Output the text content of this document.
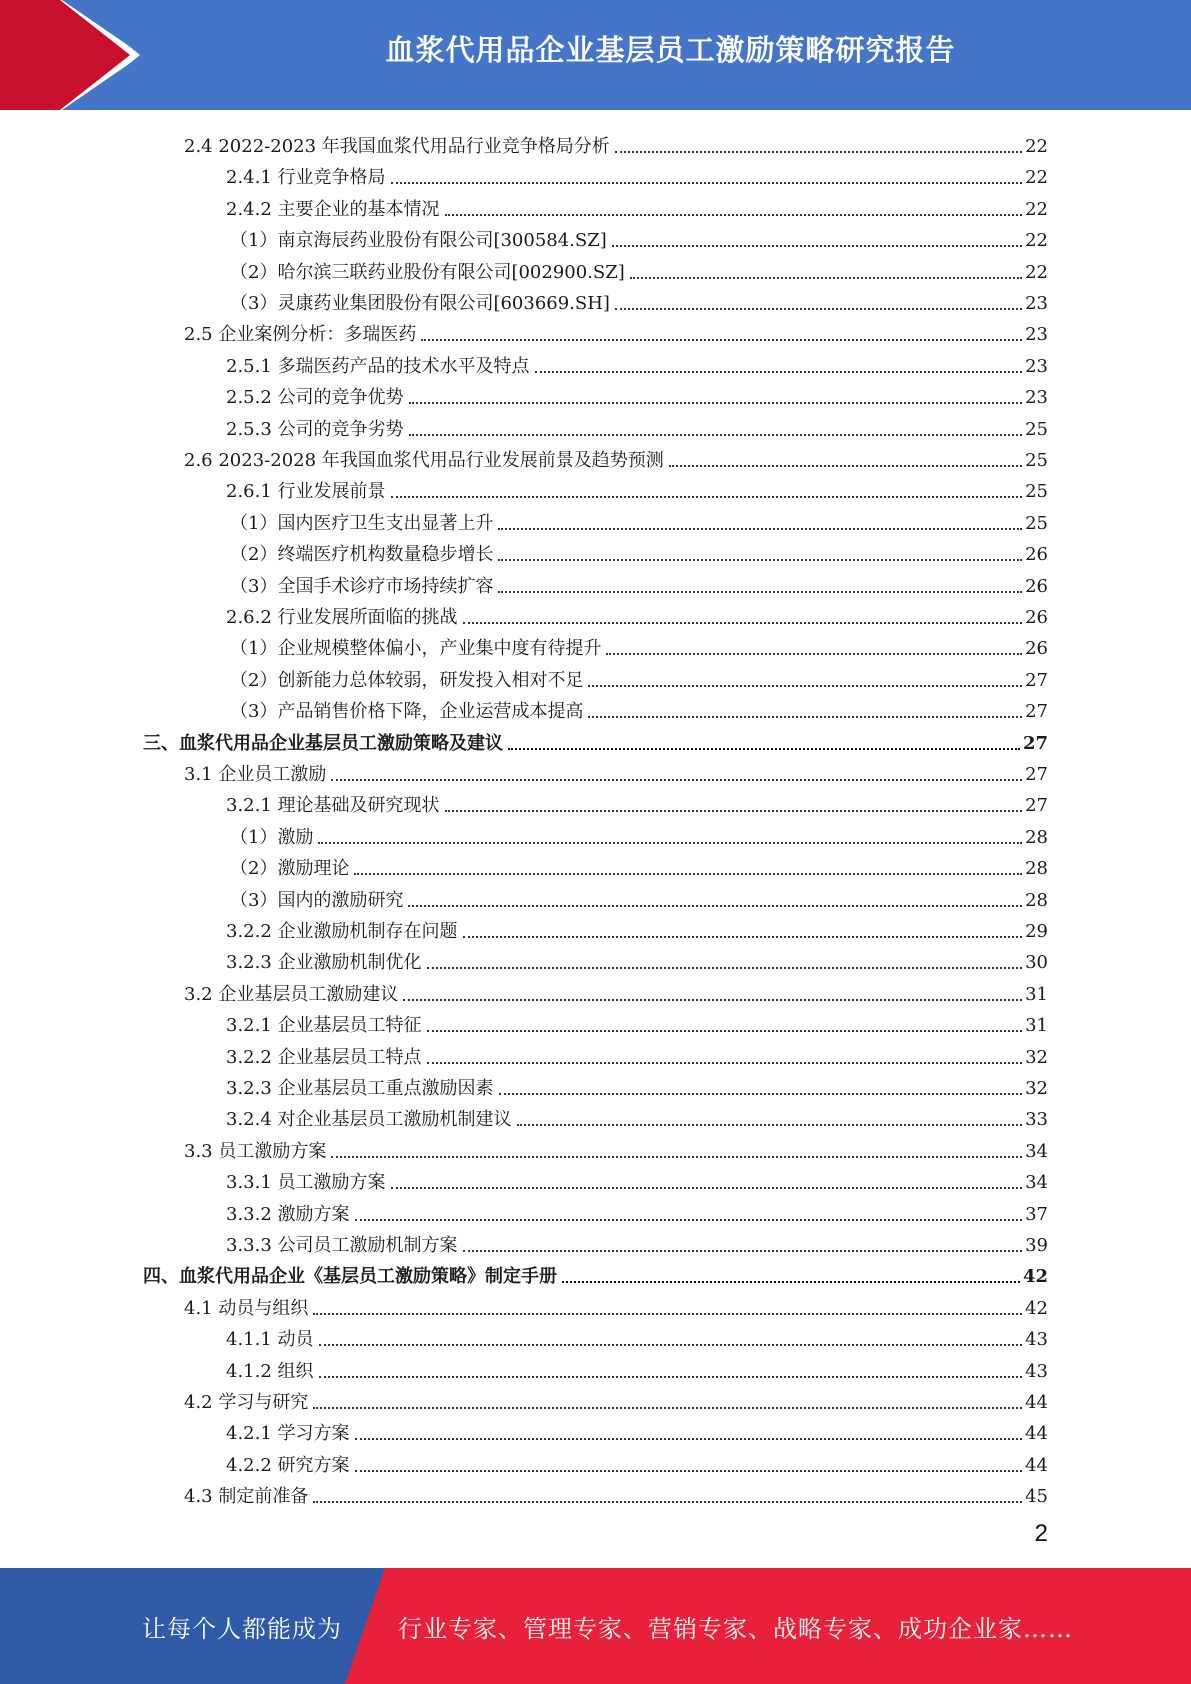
血浆代用品企业基层员工激励策略研究报告
2.4 2022-2023 年我国血浆代用品行业竞争格局分析	22
2.4.1 行业竞争格局	22
2.4.2 主要企业的基本情况	22
（1）南京海辰药业股份有限公司[300584.SZ]	22
（2）哈尔滨三联药业股份有限公司[002900.SZ]	22
（3）灵康药业集团股份有限公司[603669.SH]	23
2.5 企业案例分析：多瑞医药	23
2.5.1 多瑞医药产品的技术水平及特点	23
2.5.2 公司的竞争优势	23
2.5.3 公司的竞争劣势	25
2.6 2023-2028 年我国血浆代用品行业发展前景及趋势预测	25
2.6.1 行业发展前景	25
（1）国内医疗卫生支出显著上升	25
（2）终端医疗机构数量稳步增长	26
（3）全国手术诊疗市场持续扩容	26
2.6.2 行业发展所面临的挑战	26
（1）企业规模整体偏小，产业集中度有待提升	26
（2）创新能力总体较弱，研发投入相对不足	27
（3）产品销售价格下降，企业运营成本提高	27
三、血浆代用品企业基层员工激励策略及建议	27
3.1 企业员工激励	27
3.2.1 理论基础及研究现状	27
（1）激励	28
（2）激励理论	28
（3）国内的激励研究	28
3.2.2 企业激励机制存在问题	29
3.2.3 企业激励机制优化	30
3.2 企业基层员工激励建议	31
3.2.1 企业基层员工特征	31
3.2.2 企业基层员工特点	32
3.2.3 企业基层员工重点激励因素	32
3.2.4 对企业基层员工激励机制建议	33
3.3 员工激励方案	34
3.3.1 员工激励方案	34
3.3.2 激励方案	37
3.3.3 公司员工激励机制方案	39
四、血浆代用品企业《基层员工激励策略》制定手册	42
4.1 动员与组织	42
4.1.1 动员	43
4.1.2 组织	43
4.2 学习与研究	44
4.2.1 学习方案	44
4.2.2 研究方案	44
4.3 制定前准备	45
2
让每个人都能成为 行业专家、管理专家、营销专家、战略专家、成功企业家……
